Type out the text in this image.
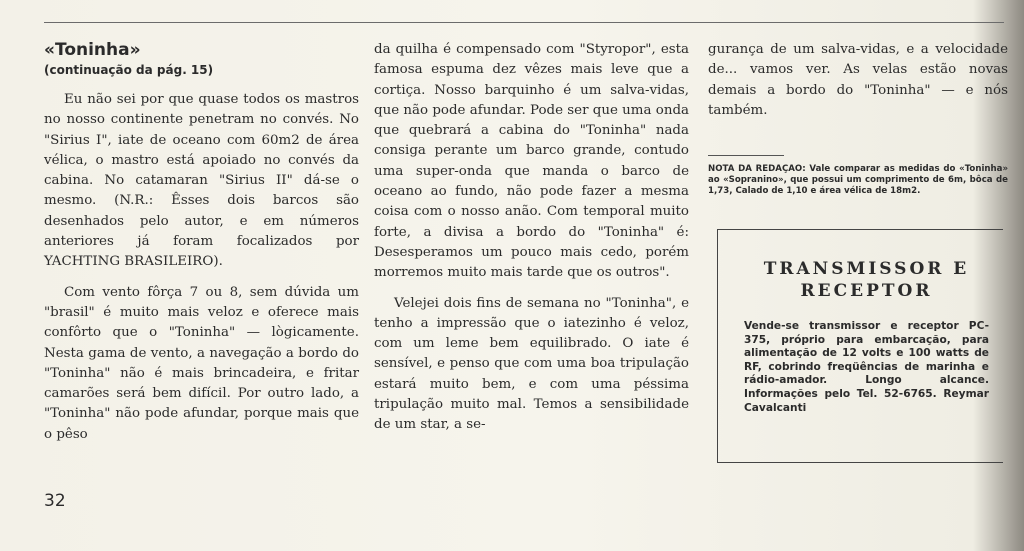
«Toninha»
(continuação da pág. 15)

Eu não sei por que quase todos os mastros no nosso continente penetram no convés. No "Sirius I", iate de oceano com 60m2 de área vélica, o mastro está apoiado no convés da cabina. No catamaran "Sirius II" dá-se o mesmo. (N.R.: Êsses dois barcos são desenhados pelo autor, e em números anteriores já foram focalizados por YACHTING BRASILEIRO).

Com vento fôrça 7 ou 8, sem dúvida um "brasil" é muito mais veloz e oferece mais confôrto que o "Toninha" — lògicamente. Nesta gama de vento, a navegação a bordo do "Toninha" não é mais brincadeira, e fritar camarões será bem difícil. Por outro lado, a "Toninha" não pode afundar, porque mais que o pêso

da quilha é compensado com "Styropor", esta famosa espuma dez vêzes mais leve que a cortiça. Nosso barquinho é um salva-vidas, que não pode afundar. Pode ser que uma onda que quebrará a cabina do "Toninha" nada consiga perante um barco grande, contudo uma super-onda que manda o barco de oceano ao fundo, não pode fazer a mesma coisa com o nosso anão. Com temporal muito forte, a divisa a bordo do "Toninha" é: Desesperamos um pouco mais cedo, porém morremos muito mais tarde que os outros".

Velejei dois fins de semana no "Toninha", e tenho a impressão que o iatezinho é veloz, com um leme bem equilibrado. O iate é sensível, e penso que com uma boa tripulação estará muito bem, e com uma péssima tripulação muito mal. Temos a sensibilidade de um star, a se-

gurança de um salva-vidas, e a velocidade de... vamos ver. As velas estão novas demais a bordo do "Toninha" — e nós também.

NOTA DA REDAÇAO: Vale comparar as medidas do «Toninha» ao «Sopranino», que possui um comprimento de 6m, bôca de 1,73, Calado de 1,10 e área vélica de 18m2.

TRANSMISSOR E RECEPTOR

Vende-se transmissor e receptor PC-375, próprio para embarcação, para alimentação de 12 volts e 100 watts de RF, cobrindo freqüências de marinha e rádio-amador. Longo alcance. Informações pelo Tel. 52-6765. Reymar Cavalcanti

32
